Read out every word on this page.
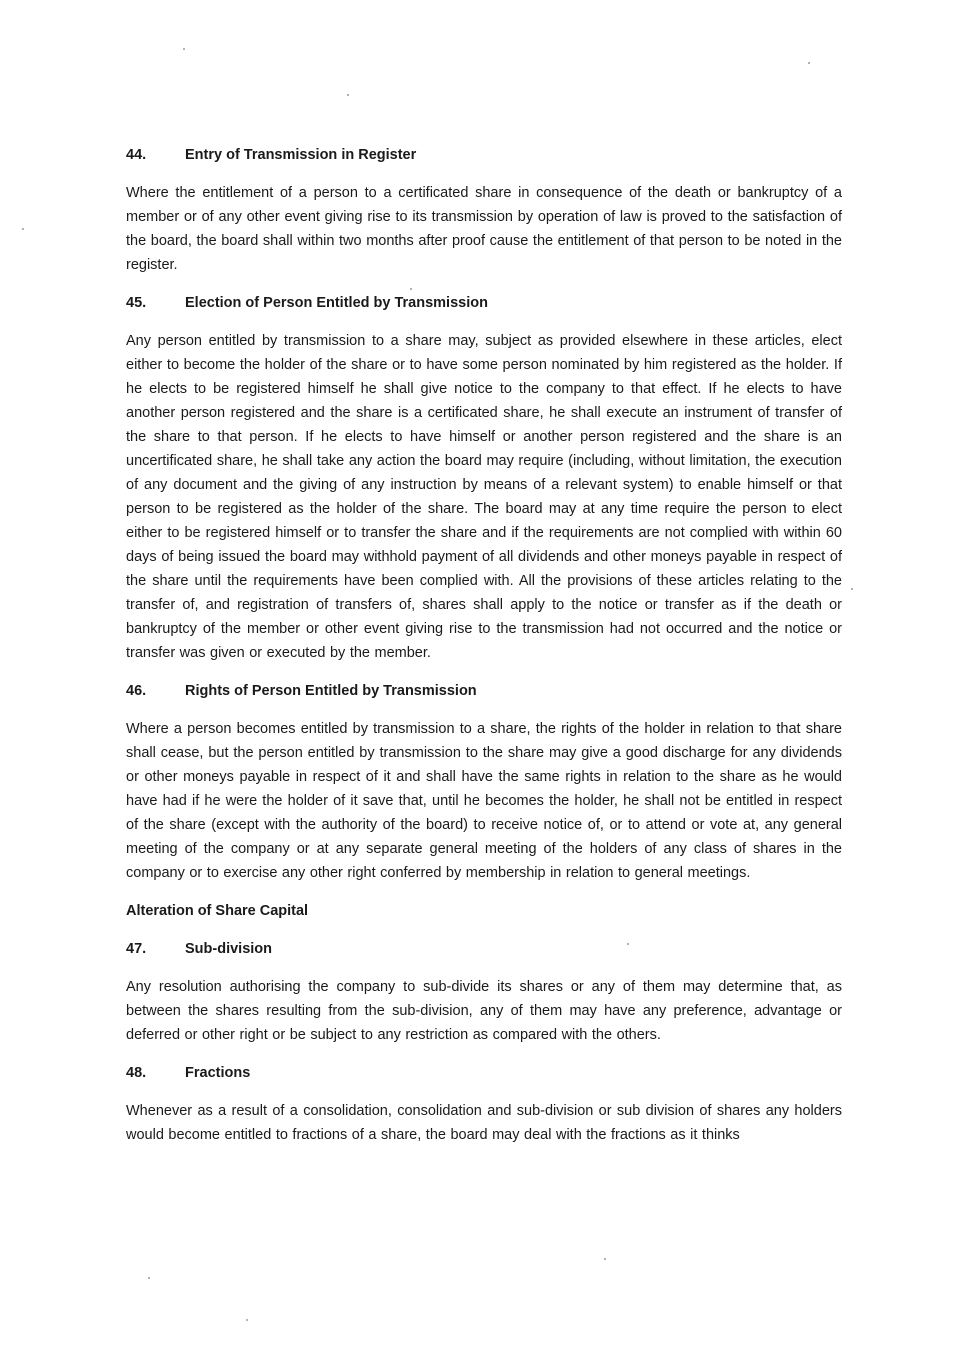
44.	Entry of Transmission in Register

Where the entitlement of a person to a certificated share in consequence of the death or bankruptcy of a member or of any other event giving rise to its transmission by operation of law is proved to the satisfaction of the board, the board shall within two months after proof cause the entitlement of that person to be noted in the register.

45.	Election of Person Entitled by Transmission

Any person entitled by transmission to a share may, subject as provided elsewhere in these articles, elect either to become the holder of the share or to have some person nominated by him registered as the holder. If he elects to be registered himself he shall give notice to the company to that effect. If he elects to have another person registered and the share is a certificated share, he shall execute an instrument of transfer of the share to that person. If he elects to have himself or another person registered and the share is an uncertificated share, he shall take any action the board may require (including, without limitation, the execution of any document and the giving of any instruction by means of a relevant system) to enable himself or that person to be registered as the holder of the share. The board may at any time require the person to elect either to be registered himself or to transfer the share and if the requirements are not complied with within 60 days of being issued the board may withhold payment of all dividends and other moneys payable in respect of the share until the requirements have been complied with. All the provisions of these articles relating to the transfer of, and registration of transfers of, shares shall apply to the notice or transfer as if the death or bankruptcy of the member or other event giving rise to the transmission had not occurred and the notice or transfer was given or executed by the member.

46.	Rights of Person Entitled by Transmission

Where a person becomes entitled by transmission to a share, the rights of the holder in relation to that share shall cease, but the person entitled by transmission to the share may give a good discharge for any dividends or other moneys payable in respect of it and shall have the same rights in relation to the share as he would have had if he were the holder of it save that, until he becomes the holder, he shall not be entitled in respect of the share (except with the authority of the board) to receive notice of, or to attend or vote at, any general meeting of the company or at any separate general meeting of the holders of any class of shares in the company or to exercise any other right conferred by membership in relation to general meetings.

Alteration of Share Capital
47.	Sub-division

Any resolution authorising the company to sub-divide its shares or any of them may determine that, as between the shares resulting from the sub-division, any of them may have any preference, advantage or deferred or other right or be subject to any restriction as compared with the others.

48.	Fractions

Whenever as a result of a consolidation, consolidation and sub-division or sub division of shares any holders would become entitled to fractions of a share, the board may deal with the fractions as it thinks
